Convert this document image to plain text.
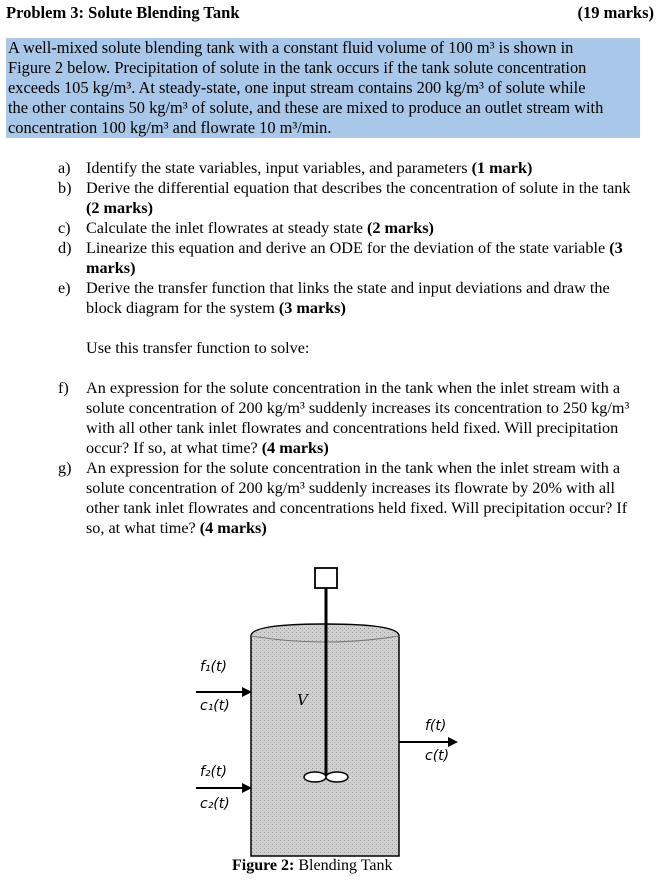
Problem 3: Solute Blending Tank	(19 marks)
A well-mixed solute blending tank with a constant fluid volume of 100 m³ is shown in
Figure 2 below. Precipitation of solute in the tank occurs if the tank solute concentration
exceeds 105 kg/m³. At steady-state, one input stream contains 200 kg/m³ of solute while
the other contains 50 kg/m³ of solute, and these are mixed to produce an outlet stream with
concentration 100 kg/m³ and flowrate 10 m³/min.

a) Identify the state variables, input variables, and parameters (1 mark)

b) Derive the differential equation that describes the concentration of solute in the tank (2 marks)

c) Calculate the inlet flowrates at steady state (2 marks)

d) Linearize this equation and derive an ODE for the deviation of the state variable (3 marks)

e) Derive the transfer function that links the state and input deviations and draw the block diagram for the system (3 marks)

Use this transfer function to solve:

f) An expression for the solute concentration in the tank when the inlet stream with a solute concentration of 200 kg/m³ suddenly increases its concentration to 250 kg/m³ with all other tank inlet flowrates and concentrations held fixed. Will precipitation occur? If so, at what time? (4 marks)

g) An expression for the solute concentration in the tank when the inlet stream with a solute concentration of 200 kg/m³ suddenly increases its flowrate by 20% with all other tank inlet flowrates and concentrations held fixed. Will precipitation occur? If so, at what time? (4 marks)

f₁(t)
c₁(t)
f₂(t)
c₂(t)
V
f(t)
c(t)
Figure 2: Blending Tank
